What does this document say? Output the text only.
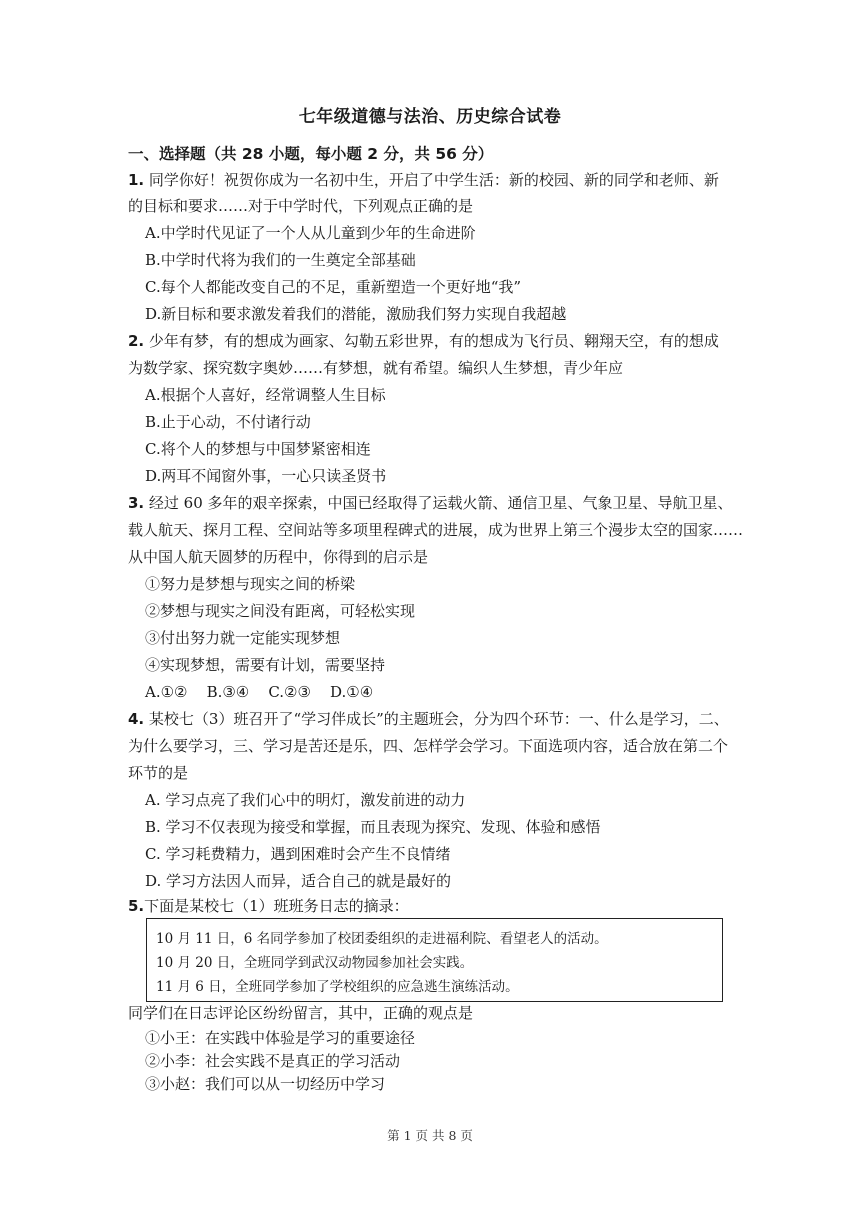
七年级道德与法治、历史综合试卷
一、选择题（共 28 小题，每小题 2 分，共 56 分）
1. 同学你好！祝贺你成为一名初中生，开启了中学生活：新的校园、新的同学和老师、新
的目标和要求……对于中学时代，下列观点正确的是
A.中学时代见证了一个人从儿童到少年的生命进阶
B.中学时代将为我们的一生奠定全部基础
C.每个人都能改变自己的不足，重新塑造一个更好地“我”
D.新目标和要求激发着我们的潜能，激励我们努力实现自我超越
2. 少年有梦，有的想成为画家、勾勒五彩世界，有的想成为飞行员、翱翔天空，有的想成
为数学家、探究数字奥妙……有梦想，就有希望。编织人生梦想，青少年应
A.根据个人喜好，经常调整人生目标
B.止于心动，不付诸行动
C.将个人的梦想与中国梦紧密相连
D.两耳不闻窗外事，一心只读圣贤书
3. 经过 60 多年的艰辛探索，中国已经取得了运载火箭、通信卫星、气象卫星、导航卫星、
载人航天、探月工程、空间站等多项里程碑式的进展，成为世界上第三个漫步太空的国家……
从中国人航天圆梦的历程中，你得到的启示是
①努力是梦想与现实之间的桥梁
②梦想与现实之间没有距离，可轻松实现
③付出努力就一定能实现梦想
④实现梦想，需要有计划，需要坚持
A.①②    B.③④    C.②③    D.①④
4. 某校七（3）班召开了“学习伴成长”的主题班会，分为四个环节：一、什么是学习，二、
为什么要学习，三、学习是苦还是乐，四、怎样学会学习。下面选项内容，适合放在第二个
环节的是
A. 学习点亮了我们心中的明灯，激发前进的动力
B. 学习不仅表现为接受和掌握，而且表现为探究、发现、体验和感悟
C. 学习耗费精力，遇到困难时会产生不良情绪
D. 学习方法因人而异，适合自己的就是最好的
5.下面是某校七（1）班班务日志的摘录：
10 月 11 日，6 名同学参加了校团委组织的走进福利院、看望老人的活动。
10 月 20 日，全班同学到武汉动物园参加社会实践。
11 月 6 日，全班同学参加了学校组织的应急逃生演练活动。
同学们在日志评论区纷纷留言，其中，正确的观点是
①小王：在实践中体验是学习的重要途径
②小李：社会实践不是真正的学习活动
③小赵：我们可以从一切经历中学习
第 1 页 共 8 页
